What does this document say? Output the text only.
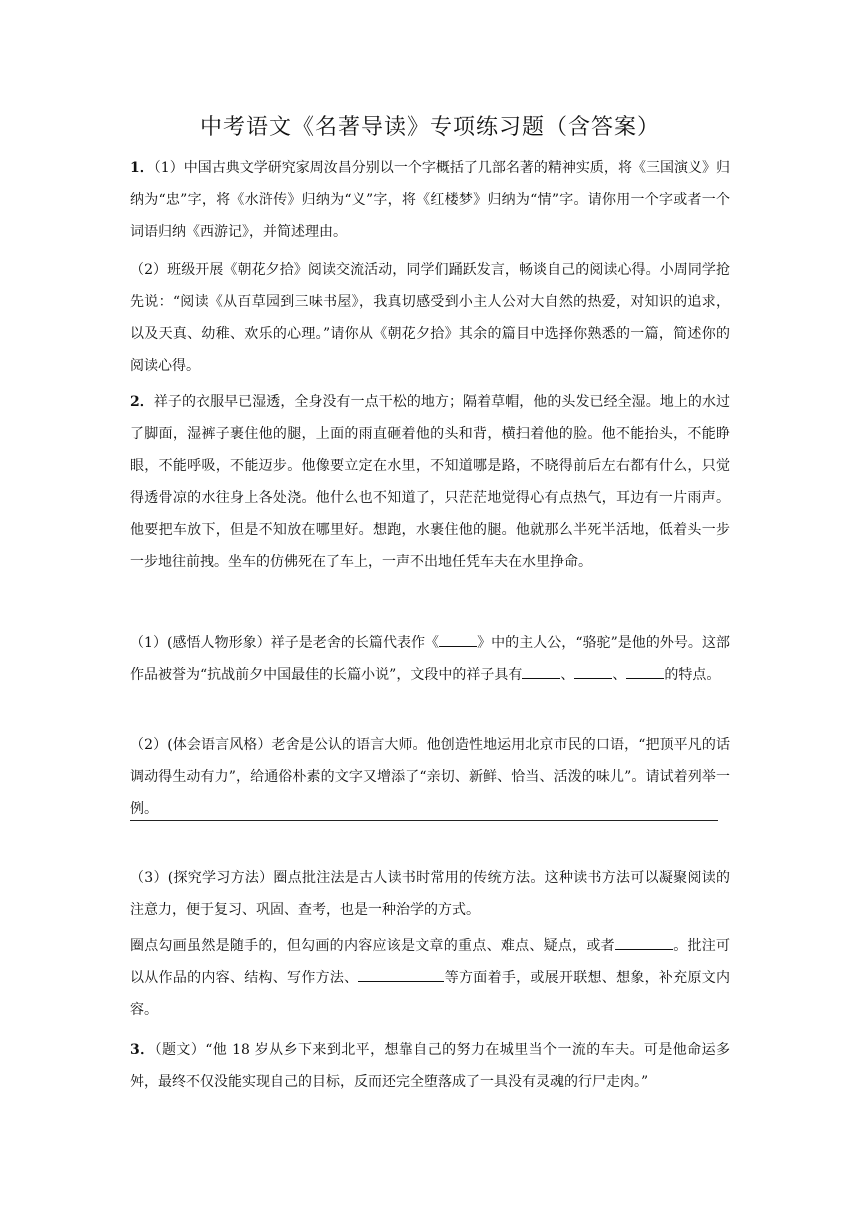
中考语文《名著导读》专项练习题（含答案）

1．（1）中国古典文学研究家周汝昌分别以一个字概括了几部名著的精神实质，将《三国演义》归纳为“忠”字，将《水浒传》归纳为“义”字，将《红楼梦》归纳为“情”字。请你用一个字或者一个词语归纳《西游记》，并简述理由。

（2）班级开展《朝花夕拾》阅读交流活动，同学们踊跃发言，畅谈自己的阅读心得。小周同学抢先说：“阅读《从百草园到三味书屋》，我真切感受到小主人公对大自然的热爱，对知识的追求，以及天真、幼稚、欢乐的心理。”请你从《朝花夕拾》其余的篇目中选择你熟悉的一篇，简述你的阅读心得。

2．祥子的衣服早已湿透，全身没有一点干松的地方；隔着草帽，他的头发已经全湿。地上的水过了脚面，湿裤子裹住他的腿，上面的雨直砸着他的头和背，横扫着他的脸。他不能抬头，不能睁眼，不能呼吸，不能迈步。他像要立定在水里，不知道哪是路，不晓得前后左右都有什么，只觉得透骨凉的水往身上各处浇。他什么也不知道了，只茫茫地觉得心有点热气，耳边有一片雨声。他要把车放下，但是不知放在哪里好。想跑，水裹住他的腿。他就那么半死半活地，低着头一步一步地往前拽。坐车的仿佛死在了车上，一声不出地任凭车夫在水里挣命。

（1）(感悟人物形象）祥子是老舍的长篇代表作《	》中的主人公，“骆驼”是他的外号。这部作品被誉为“抗战前夕中国最佳的长篇小说”，文段中的祥子具有	、	、	的特点。

（2）(体会语言风格）老舍是公认的语言大师。他创造性地运用北京市民的口语，“把顶平凡的话调动得生动有力”，给通俗朴素的文字又增添了“亲切、新鲜、恰当、活泼的味儿”。请试着列举一例。

（3）(探究学习方法）圈点批注法是古人读书时常用的传统方法。这种读书方法可以凝聚阅读的注意力，便于复习、巩固、查考，也是一种治学的方式。

圈点勾画虽然是随手的，但勾画的内容应该是文章的重点、难点、疑点，或者	。批注可以从作品的内容、结构、写作方法、	等方面着手，或展开联想、想象，补充原文内容。

3．（题文）“他 18 岁从乡下来到北平，想靠自己的努力在城里当个一流的车夫。可是他命运多舛，最终不仅没能实现自己的目标，反而还完全堕落成了一具没有灵魂的行尸走肉。”
